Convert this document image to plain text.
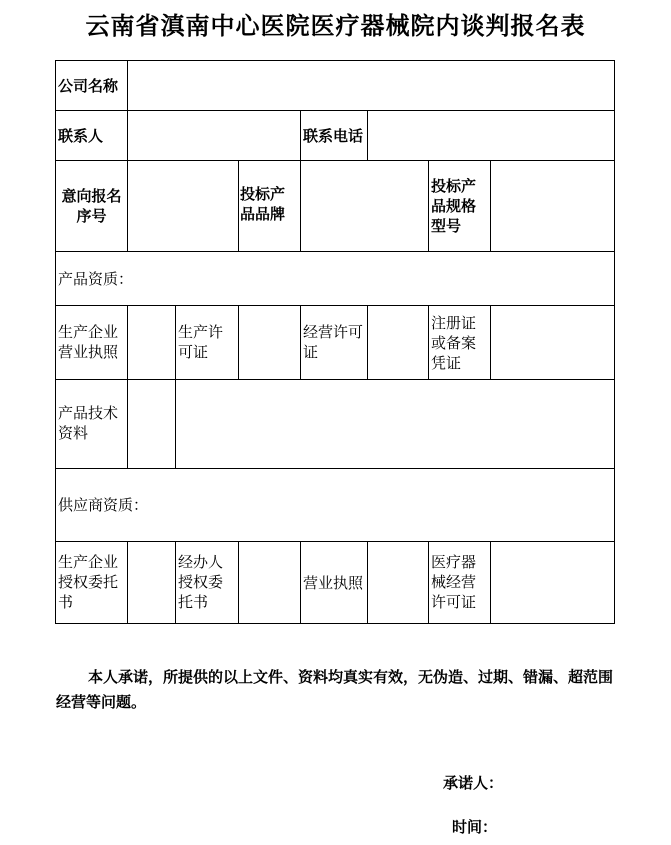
云南省滇南中心医院医疗器械院内谈判报名表
公司名称
联系人	联系电话
意向报名
序号
投标产
品品牌
投标产
品规格
型号
产品资质：
生产企业
营业执照
生产许
可证
经营许可
证
注册证
或备案
凭证
产品技术
资料
供应商资质：
生产企业
授权委托
书
经办人
授权委
托书
营业执照
医疗器
械经营
许可证
本人承诺，所提供的以上文件、资料均真实有效，无伪造、过期、错漏、超范围经营等问题。
承诺人：
时间：
